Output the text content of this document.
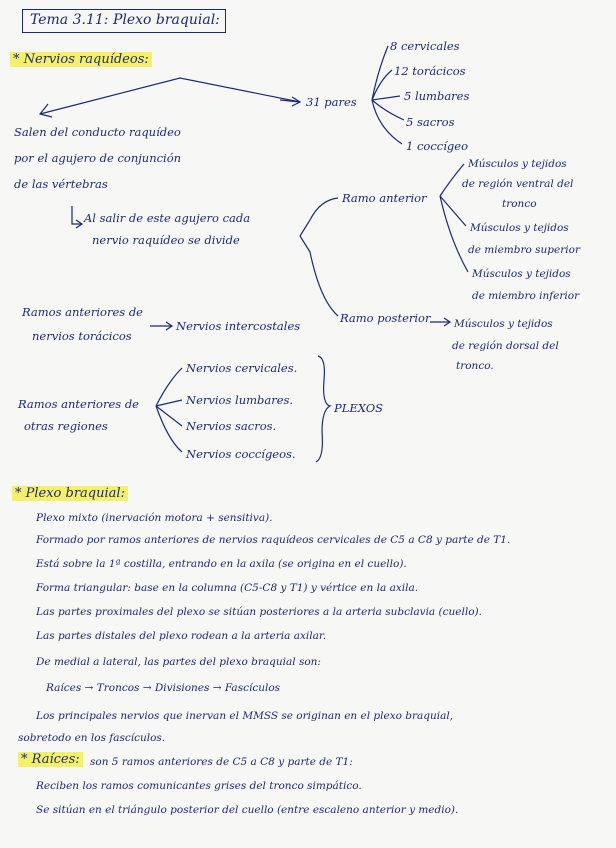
Tema 3.11: Plexo braquial:
* Nervios raquídeos:
31 pares
8 cervicales
12 torácicos
5 lumbares
5 sacros
1 coccígeo
Salen del conducto raquídeo
por el agujero de conjunción
de las vértebras
Al salir de este agujero cada
nervio raquídeo se divide
Ramo anterior
Músculos y tejidos
de región ventral del
tronco
Músculos y tejidos
de miembro superior
Músculos y tejidos
de miembro inferior
Ramo posterior Músculos y tejidos
de región dorsal del
tronco.
Ramos anteriores de
nervios torácicos
Nervios intercostales
Ramos anteriores de
otras regiones
Nervios cervicales.
Nervios lumbares.
Nervios sacros.
Nervios coccígeos.
PLEXOS
* Plexo braquial:
Plexo mixto (inervación motora + sensitiva).
Formado por ramos anteriores de nervios raquídeos cervicales de C5 a C8 y parte de T1.
Está sobre la 1ª costilla, entrando en la axila (se origina en el cuello).
Forma triangular: base en la columna (C5-C8 y T1) y vértice en la axila.
Las partes proximales del plexo se sitúan posteriores a la arteria subclavia (cuello).
Las partes distales del plexo rodean a la arteria axilar.
De medial a lateral, las partes del plexo braquial son:
Raíces → Troncos → Divisiones → Fascículos
Los principales nervios que inervan el MMSS se originan en el plexo braquial,
sobretodo en los fascículos.
* Raíces: son 5 ramos anteriores de C5 a C8 y parte de T1:
Reciben los ramos comunicantes grises del tronco simpático.
Se sitúan en el triángulo posterior del cuello (entre escaleno anterior y medio).
